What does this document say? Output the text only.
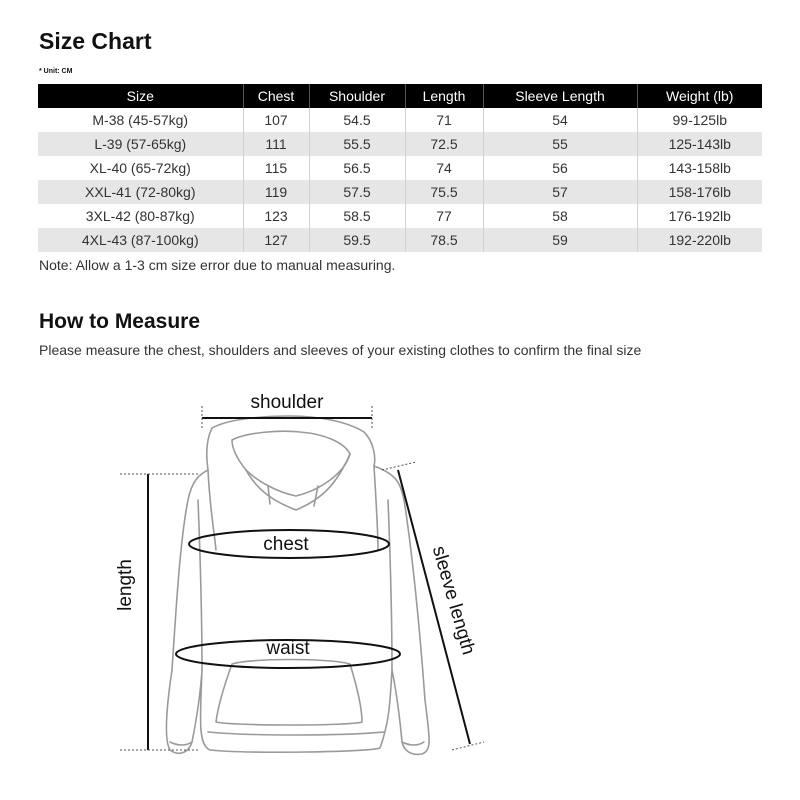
Size Chart
* Unit: CM
Size	Chest	Shoulder	Length	Sleeve Length	Weight (lb)
M-38 (45-57kg)	107	54.5	71	54	99-125lb
L-39 (57-65kg)	111	55.5	72.5	55	125-143lb
XL-40 (65-72kg)	115	56.5	74	56	143-158lb
XXL-41 (72-80kg)	119	57.5	75.5	57	158-176lb
3XL-42 (80-87kg)	123	58.5	77	58	176-192lb
4XL-43 (87-100kg)	127	59.5	78.5	59	192-220lb
Note: Allow a 1-3 cm size error due to manual measuring.
How to Measure
Please measure the chest, shoulders and sleeves of your existing clothes to confirm the final size
shoulder
length
chest
waist	sleeve length
